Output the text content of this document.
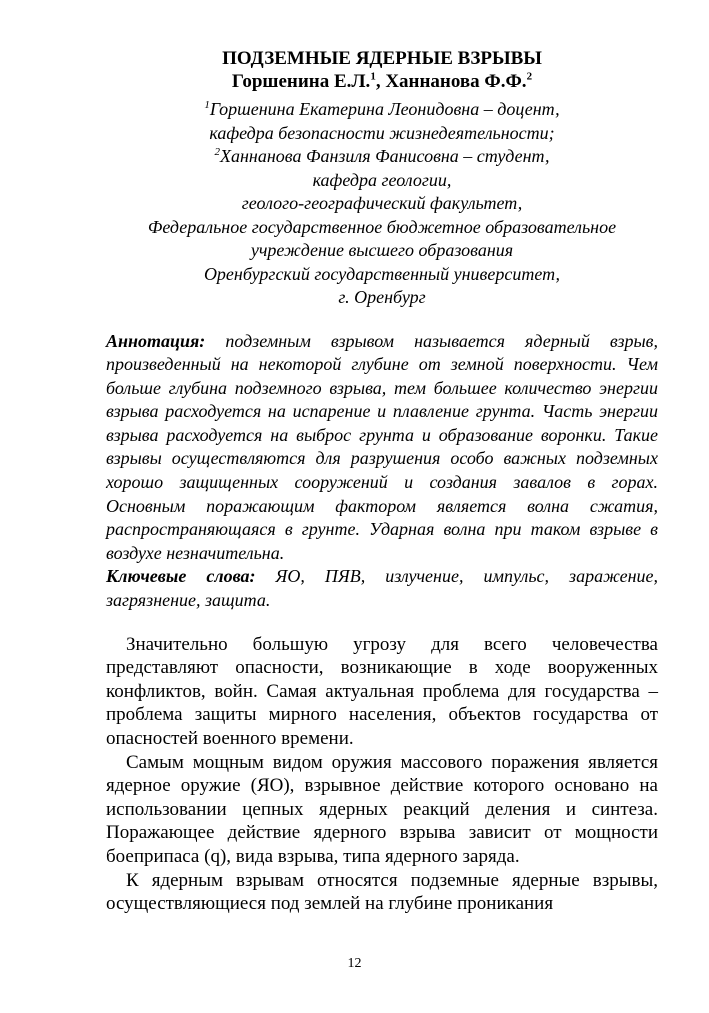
ПОДЗЕМНЫЕ ЯДЕРНЫЕ ВЗРЫВЫ

Горшенина Е.Л.$^1$, Ханнанова Ф.Ф.$^2$

$^1$Горшенина Екатерина Леонидовна – доцент,

кафедра безопасности жизнедеятельности;

$^2$Ханнанова Фанзиля Фанисовна – студент,

кафедра геологии,

геолого-географический факультет,

Федеральное государственное бюджетное образовательное

учреждение высшего образования

Оренбургский государственный университет,

г. Оренбург

Аннотация: подземным взрывом называется ядерный взрыв, произведенный на некоторой глубине от земной поверхности. Чем больше глубина подземного взрыва, тем большее количество энергии взрыва расходуется на испарение и плавление грунта. Часть энергии взрыва расходуется на выброс грунта и образование воронки. Такие взрывы осуществляются для разрушения особо важных подземных хорошо защищенных сооружений и создания завалов в горах. Основным поражающим фактором является волна сжатия, распространяющаяся в грунте. Ударная волна при таком взрыве в воздухе незначительна.

Ключевые слова: ЯО, ПЯВ, излучение, импульс, заражение, загрязнение, защита.

Значительно большую угрозу для всего человечества представляют опасности, возникающие в ходе вооруженных конфликтов, войн. Самая актуальная проблема для государства – проблема защиты мирного населения, объектов государства от опасностей военного времени.

Самым мощным видом оружия массового поражения является ядерное оружие (ЯО), взрывное действие которого основано на использовании цепных ядерных реакций деления и синтеза. Поражающее действие ядерного взрыва зависит от мощности боеприпаса (q), вида взрыва, типа ядерного заряда.

К ядерным взрывам относятся подземные ядерные взрывы, осуществляющиеся под землей на глубине проникания

12
